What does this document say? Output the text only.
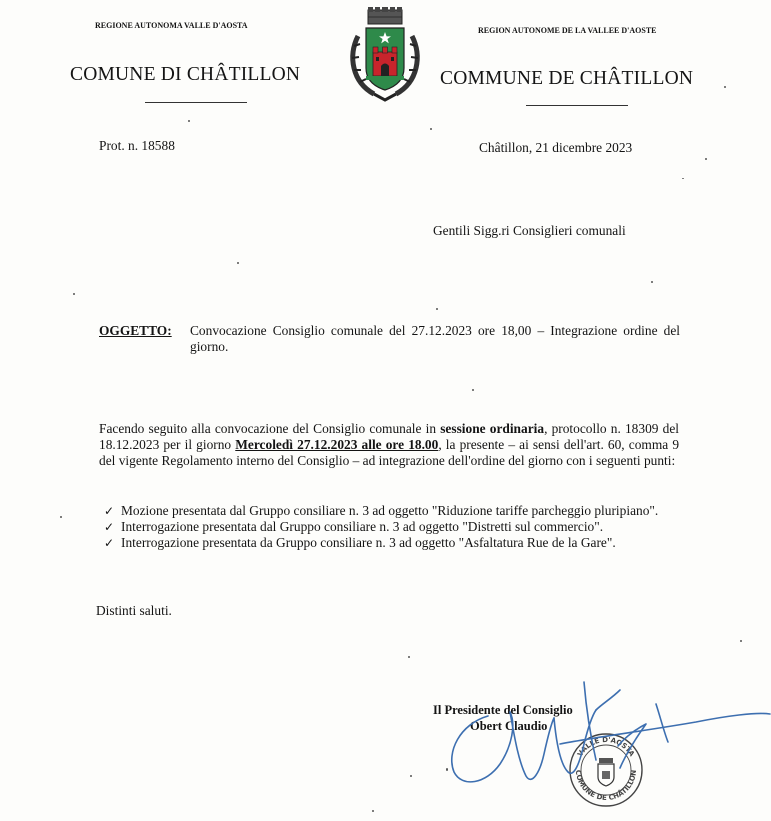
REGIONE AUTONOMA VALLE D'AOSTA
REGION AUTONOME DE LA VALLEE D'AOSTE
COMUNE DI CHÂTILLON	COMMUNE DE CHÂTILLON
Prot. n. 18588	Châtillon, 21 dicembre 2023
Gentili Sigg.ri Consiglieri comunali
OGGETTO: Convocazione Consiglio comunale del 27.12.2023 ore 18,00 – Integrazione ordine del giorno.
Facendo seguito alla convocazione del Consiglio comunale in sessione ordinaria, protocollo n. 18309 del 18.12.2023 per il giorno Mercoledì 27.12.2023 alle ore 18.00, la presente – ai sensi dell'art. 60, comma 9 del vigente Regolamento interno del Consiglio – ad integrazione dell'ordine del giorno con i seguenti punti:
✓ Mozione presentata dal Gruppo consiliare n. 3 ad oggetto "Riduzione tariffe parcheggio pluripiano".
✓ Interrogazione presentata dal Gruppo consiliare n. 3 ad oggetto "Distretti sul commercio".
✓ Interrogazione presentata da Gruppo consiliare n. 3 ad oggetto "Asfaltatura Rue de la Gare".
Distinti saluti.
Il Presidente del Consiglio
Obert Claudio
VALLE D'AOSTA
COMUNE DE CHÂTILLON
